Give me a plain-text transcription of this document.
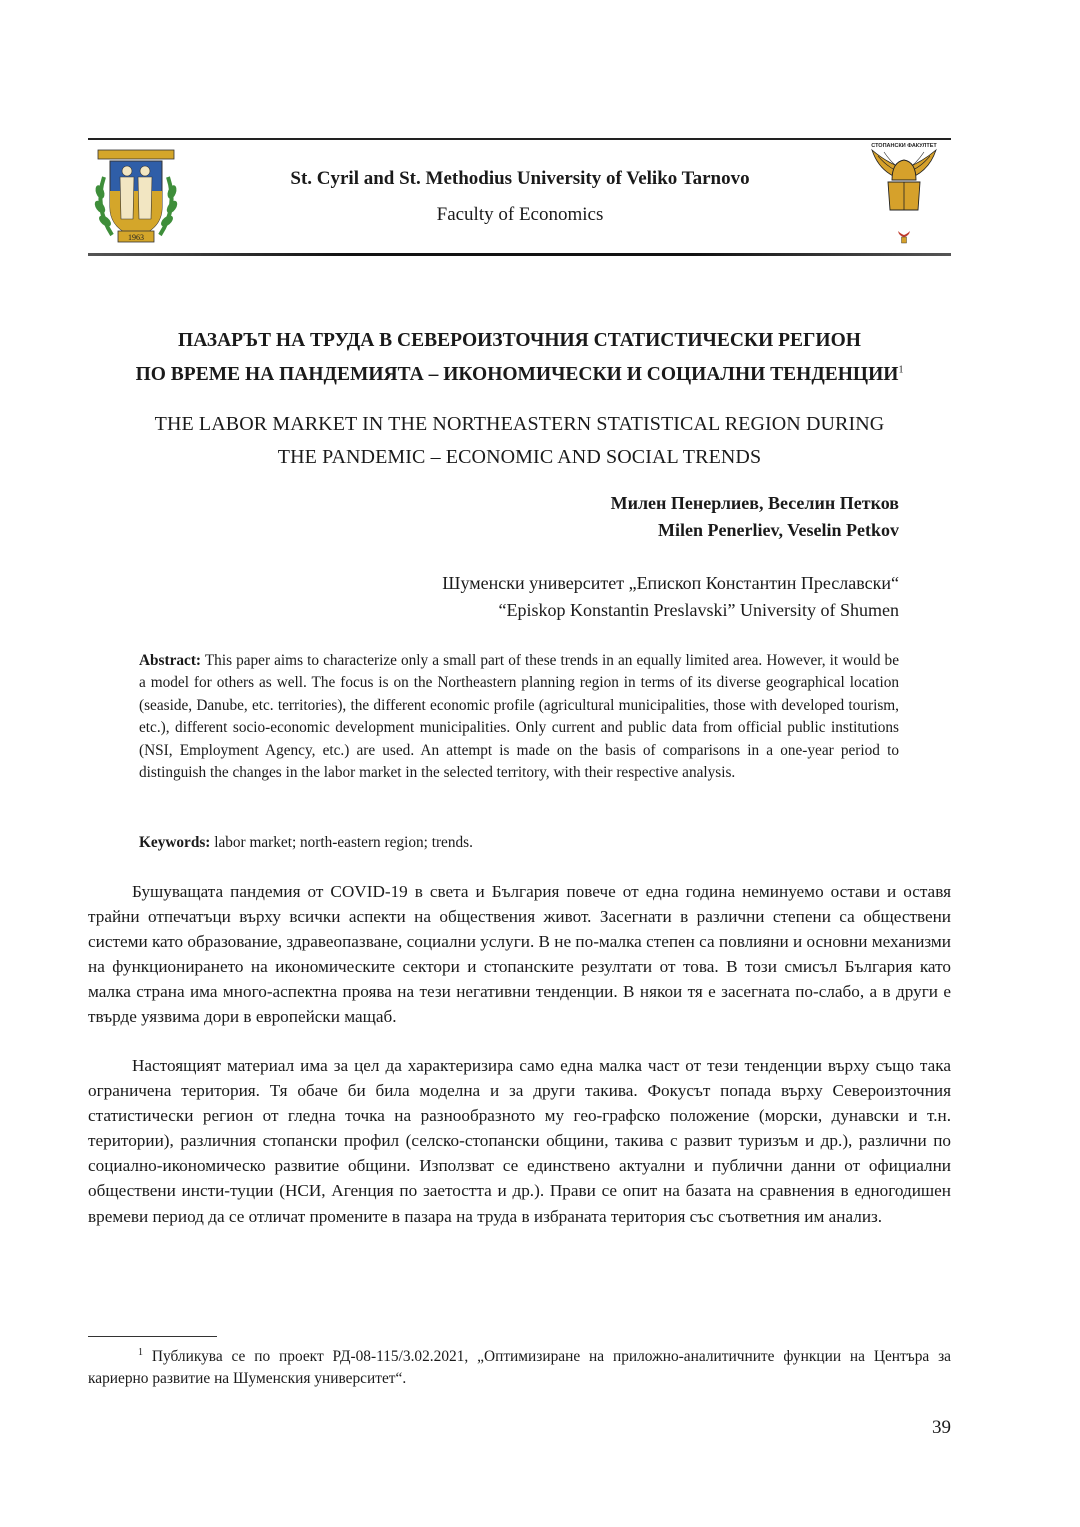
1963
St. Cyril and St. Methodius University of Veliko Tarnovo
Faculty of Economics
СТОПАНСКИ ФАКУЛТЕТ
ПАЗАРЪТ НА ТРУДА В СЕВЕРОИЗТОЧНИЯ СТАТИСТИЧЕСКИ РЕГИОН
ПО ВРЕМЕ НА ПАНДЕМИЯТА – ИКОНОМИЧЕСКИ И СОЦИАЛНИ ТЕНДЕНЦИИ$^1$
THE LABOR MARKET IN THE NORTHEASTERN STATISTICAL REGION DURING
THE PANDEMIC – ECONOMIC AND SOCIAL TRENDS
Милен Пенерлиев, Веселин Петков
Milen Penerliev, Veselin Petkov
Шуменски университет „Епископ Константин Преславски“
“Episkop Konstantin Preslavski” University of Shumen
Abstract: This paper aims to characterize only a small part of these trends in an equally limited area. However, it would be a model for others as well. The focus is on the Northeastern planning region in terms of its diverse geographical location (seaside, Danube, etc. territories), the different economic profile (agricultural municipalities, those with developed tourism, etc.), different socio-economic development municipalities. Only current and public data from official public institutions (NSI, Employment Agency, etc.) are used. An attempt is made on the basis of comparisons in a one-year period to distinguish the changes in the labor market in the selected territory, with their respective analysis.
Keywords: labor market; north-eastern region; trends.
Бушуващата пандемия от COVID-19 в света и България повече от една година неминуемо остави и оставя трайни отпечатъци върху всички аспекти на обществения живот. Засегнати в различни степени са обществени системи като образование, здравеопазване, социални услуги. В не по-малка степен са повлияни и основни механизми на функционирането на икономическите сектори и стопанските резултати от това. В този смисъл България като малка страна има много-аспектна проява на тези негативни тенденции. В някои тя е засегната по-слабо, а в други е твърде уязвима дори в европейски мащаб.
Настоящият материал има за цел да характеризира само една малка част от тези тенденции върху също така ограничена територия. Тя обаче би била моделна и за други такива. Фокусът попада върху Североизточния статистически регион от гледна точка на разнообразното му гео-графско положение (морски, дунавски и т.н. територии), различния стопански профил (селско-стопански общини, такива с развит туризъм и др.), различни по социално-икономическо развитие общини. Използват се единствено актуални и публични данни от официални обществени инсти-туции (НСИ, Агенция по заетостта и др.). Прави се опит на базата на сравнения в едногодишен времеви период да се отличат промените в пазара на труда в избраната територия със съответния им анализ.
$^1$ Публикува се по проект РД-08-115/3.02.2021, „Оптимизиране на приложно-аналитичните функции на Центъра за кариерно развитие на Шуменския университет“.
39
